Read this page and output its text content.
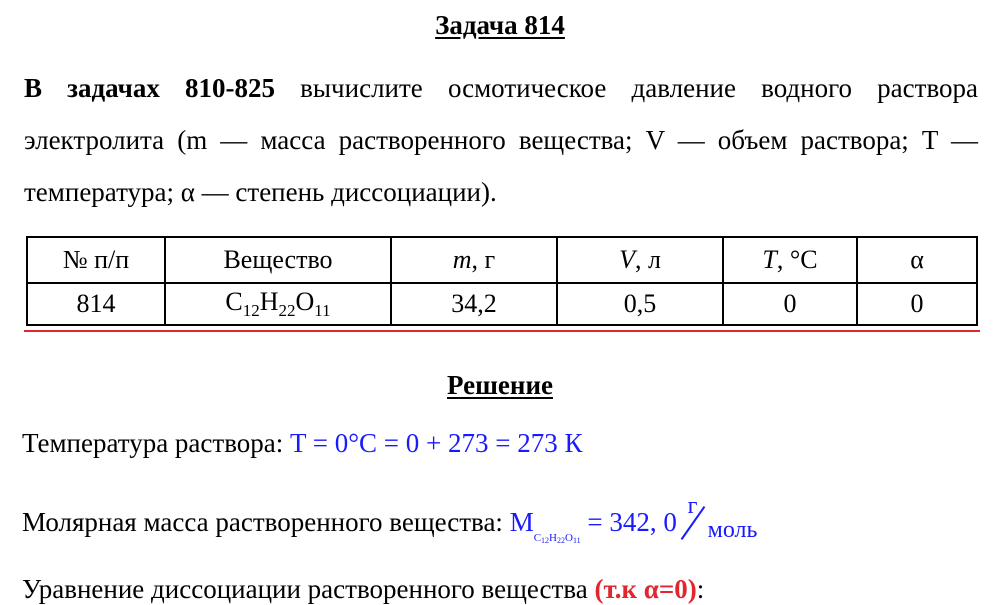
Задача 814
В задачах 810-825 вычислите осмотическое давление водного раствора электролита (m — масса растворенного вещества; V — объем раствора; T — температура; α — степень диссоциации).
№ п/п	Вещество	m, г	V, л	T, °С	α
814	$C_{12}H_{22}O_{11}$	34,2	0,5	0	0
Решение
Температура раствора: T = 0°С = 0 + 273 = 273 К
Молярная масса растворенного вещества: $M_{C_{12}H_{22}O_{11}} = 342$, 0
г
моль
Уравнение диссоциации растворенного вещества (т.к α=0):
